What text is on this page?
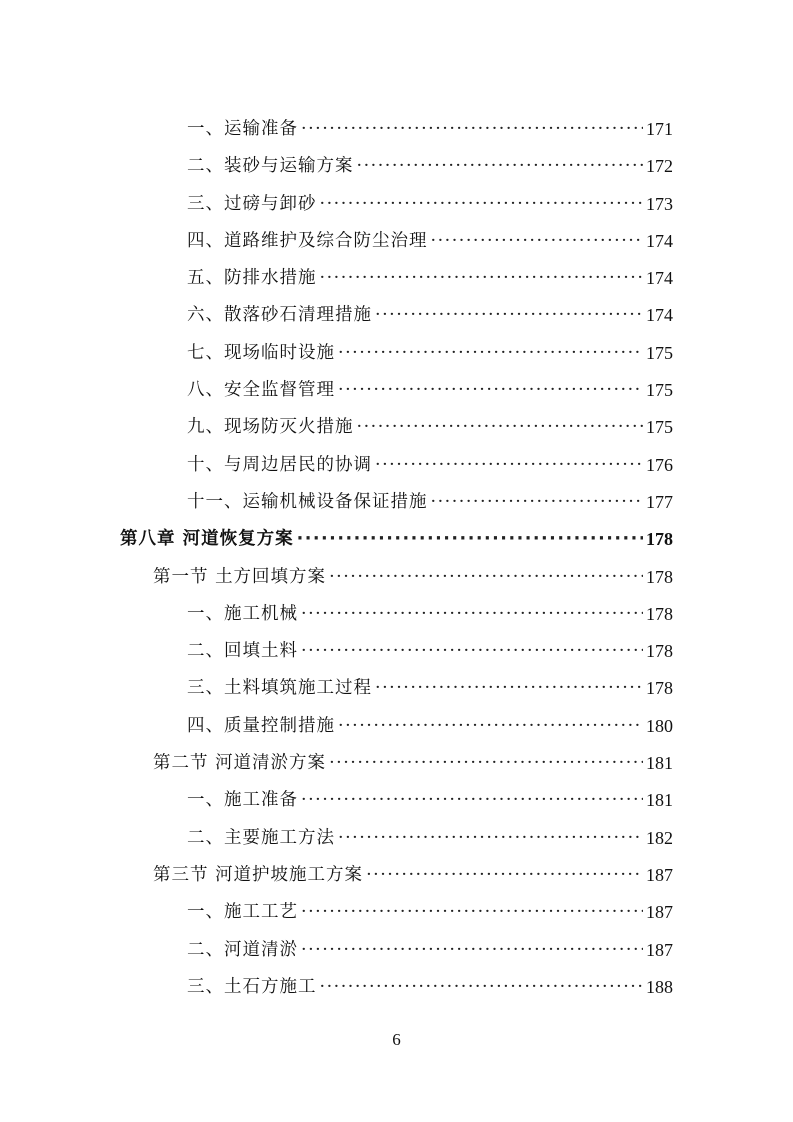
一、运输准备 ·····	171
二、装砂与运输方案 ·····	172
三、过磅与卸砂 ·····	173
四、道路维护及综合防尘治理 ·····	174
五、防排水措施 ·····	174
六、散落砂石清理措施 ·····	174
七、现场临时设施 ·····	175
八、安全监督管理 ·····	175
九、现场防灭火措施 ·····	175
十、与周边居民的协调 ·····	176
十一、运输机械设备保证措施 ·····	177
第八章 河道恢复方案 ·····	178
第一节 土方回填方案 ·····	178
一、施工机械 ·····	178
二、回填土料 ·····	178
三、土料填筑施工过程 ·····	178
四、质量控制措施 ·····	180
第二节 河道清淤方案 ·····	181
一、施工准备 ·····	181
二、主要施工方法 ·····	182
第三节 河道护坡施工方案 ·····	187
一、施工工艺 ·····	187
二、河道清淤 ·····	187
三、土石方施工 ·····	188
6
